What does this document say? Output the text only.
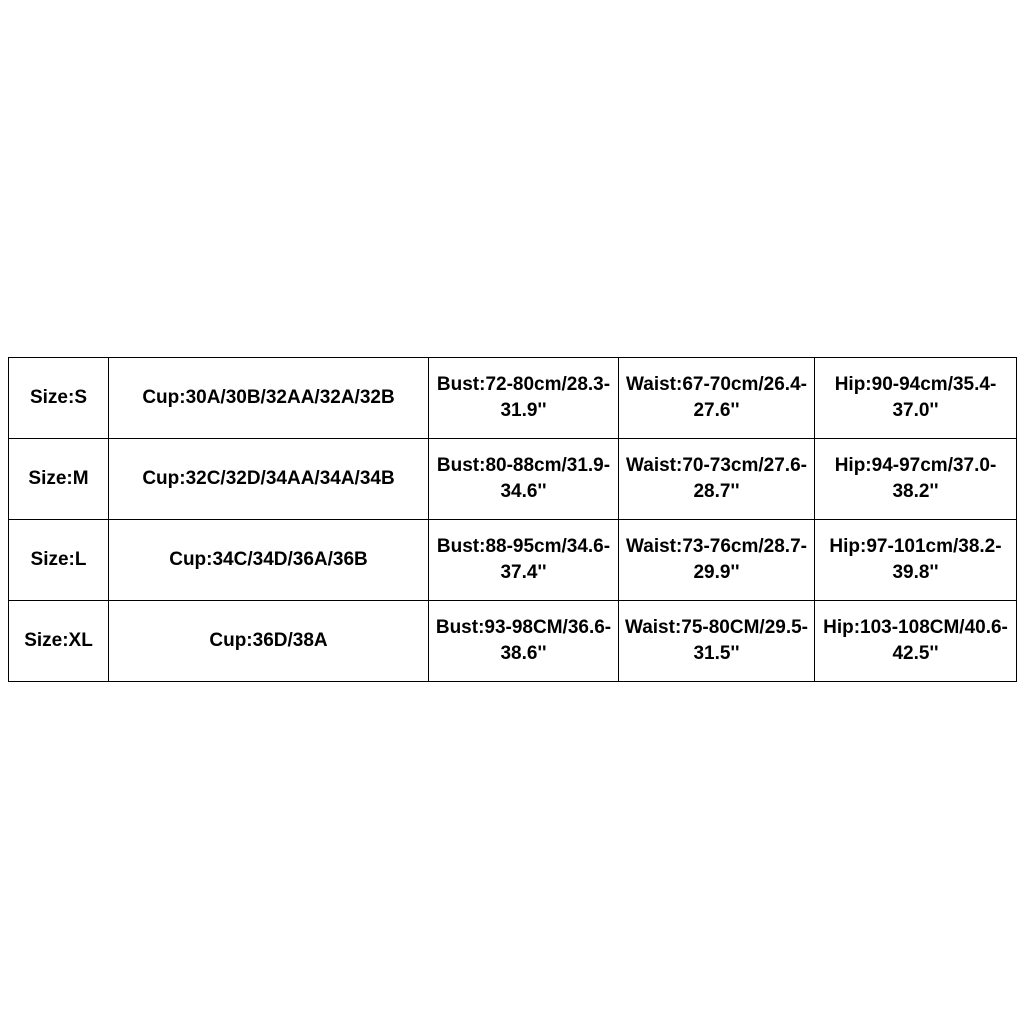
Size:S	Cup:30A/30B/32AA/32A/32B	Bust:72-80cm/28.3-31.9''	Waist:67-70cm/26.4-27.6''	Hip:90-94cm/35.4-37.0''
Size:M	Cup:32C/32D/34AA/34A/34B	Bust:80-88cm/31.9-34.6''	Waist:70-73cm/27.6-28.7''	Hip:94-97cm/37.0-38.2''
Size:L	Cup:34C/34D/36A/36B	Bust:88-95cm/34.6-37.4''	Waist:73-76cm/28.7-29.9''	Hip:97-101cm/38.2-39.8''
Size:XL	Cup:36D/38A	Bust:93-98CM/36.6-38.6''	Waist:75-80CM/29.5-31.5''	Hip:103-108CM/40.6-42.5''
